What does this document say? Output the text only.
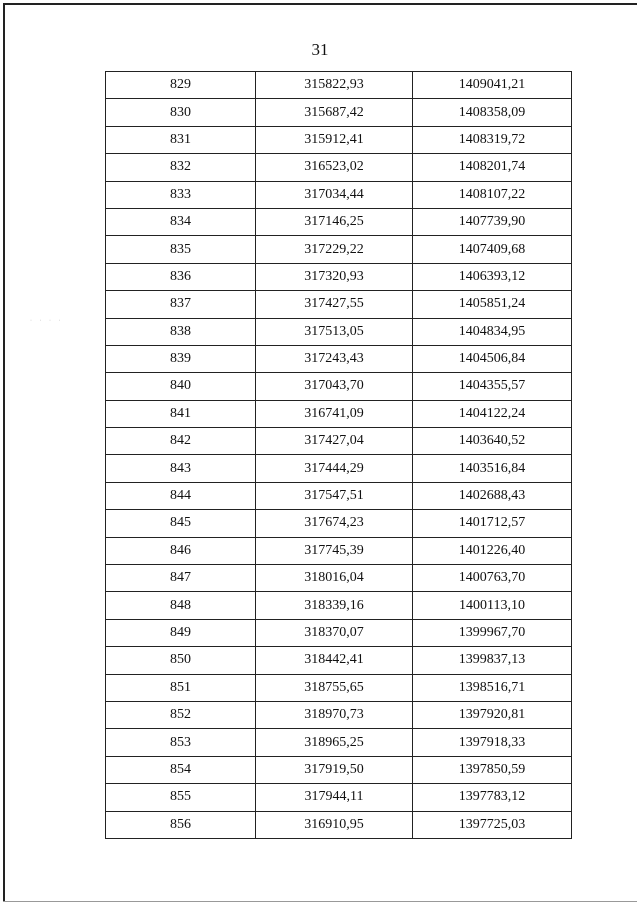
31
· · · ·
829	315822,93	1409041,21
830	315687,42	1408358,09
831	315912,41	1408319,72
832	316523,02	1408201,74
833	317034,44	1408107,22
834	317146,25	1407739,90
835	317229,22	1407409,68
836	317320,93	1406393,12
837	317427,55	1405851,24
838	317513,05	1404834,95
839	317243,43	1404506,84
840	317043,70	1404355,57
841	316741,09	1404122,24
842	317427,04	1403640,52
843	317444,29	1403516,84
844	317547,51	1402688,43
845	317674,23	1401712,57
846	317745,39	1401226,40
847	318016,04	1400763,70
848	318339,16	1400113,10
849	318370,07	1399967,70
850	318442,41	1399837,13
851	318755,65	1398516,71
852	318970,73	1397920,81
853	318965,25	1397918,33
854	317919,50	1397850,59
855	317944,11	1397783,12
856	316910,95	1397725,03
